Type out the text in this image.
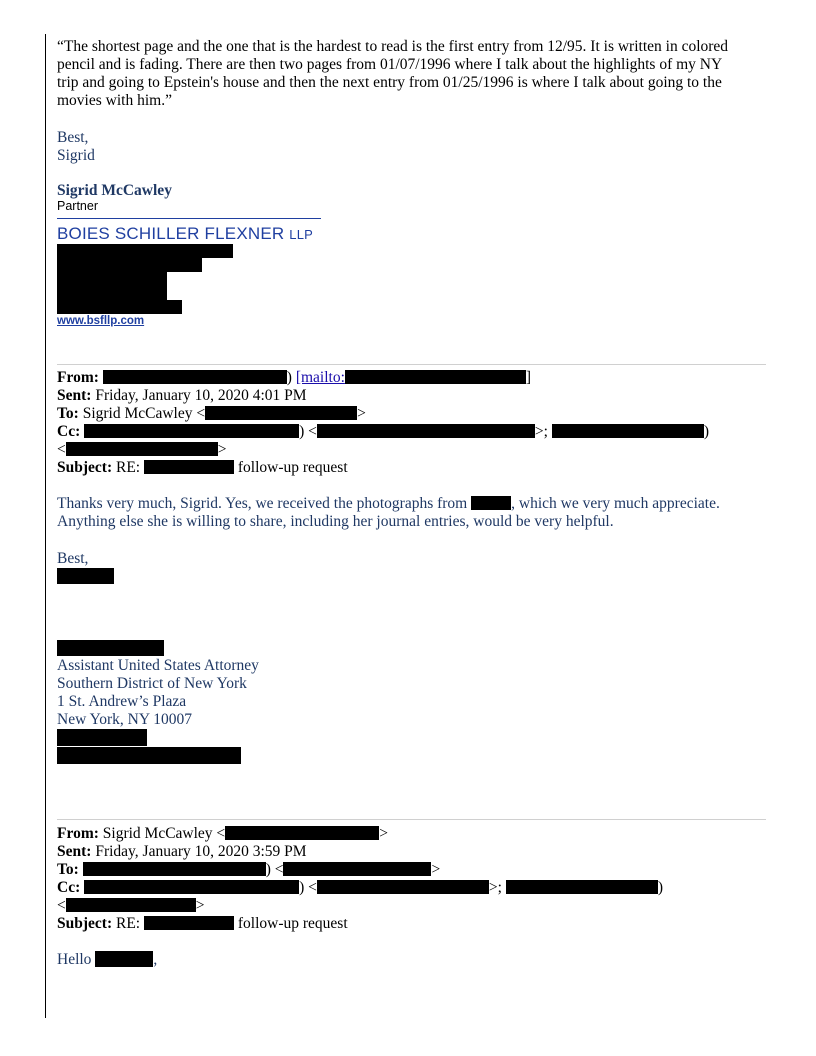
“The shortest page and the one that is the hardest to read is the first entry from 12/95. It is written in colored
pencil and is fading. There are then two pages from 01/07/1996 where I talk about the highlights of my NY
trip and going to Epstein's house and then the next entry from 01/25/1996 is where I talk about going to the
movies with him.”
Best,
Sigrid
Sigrid McCawley
Partner
BOIES SCHILLER FLEXNER LLP
www.bsfllp.com
From:	) [mailto:	]
Sent: Friday, January 10, 2020 4:01 PM
To: Sigrid McCawley <	>
Cc:	) <	>;	)
<	>
Subject: RE:	follow-up request
Thanks very much, Sigrid. Yes, we received the photographs from	, which we very much appreciate.
Anything else she is willing to share, including her journal entries, would be very helpful.
Best,
Assistant United States Attorney
Southern District of New York
1 St. Andrew’s Plaza
New York, NY 10007
From: Sigrid McCawley <	>
Sent: Friday, January 10, 2020 3:59 PM
To:	) <	>
Cc:	) <	>;	)
<	>
Subject: RE:	follow-up request
Hello	,
